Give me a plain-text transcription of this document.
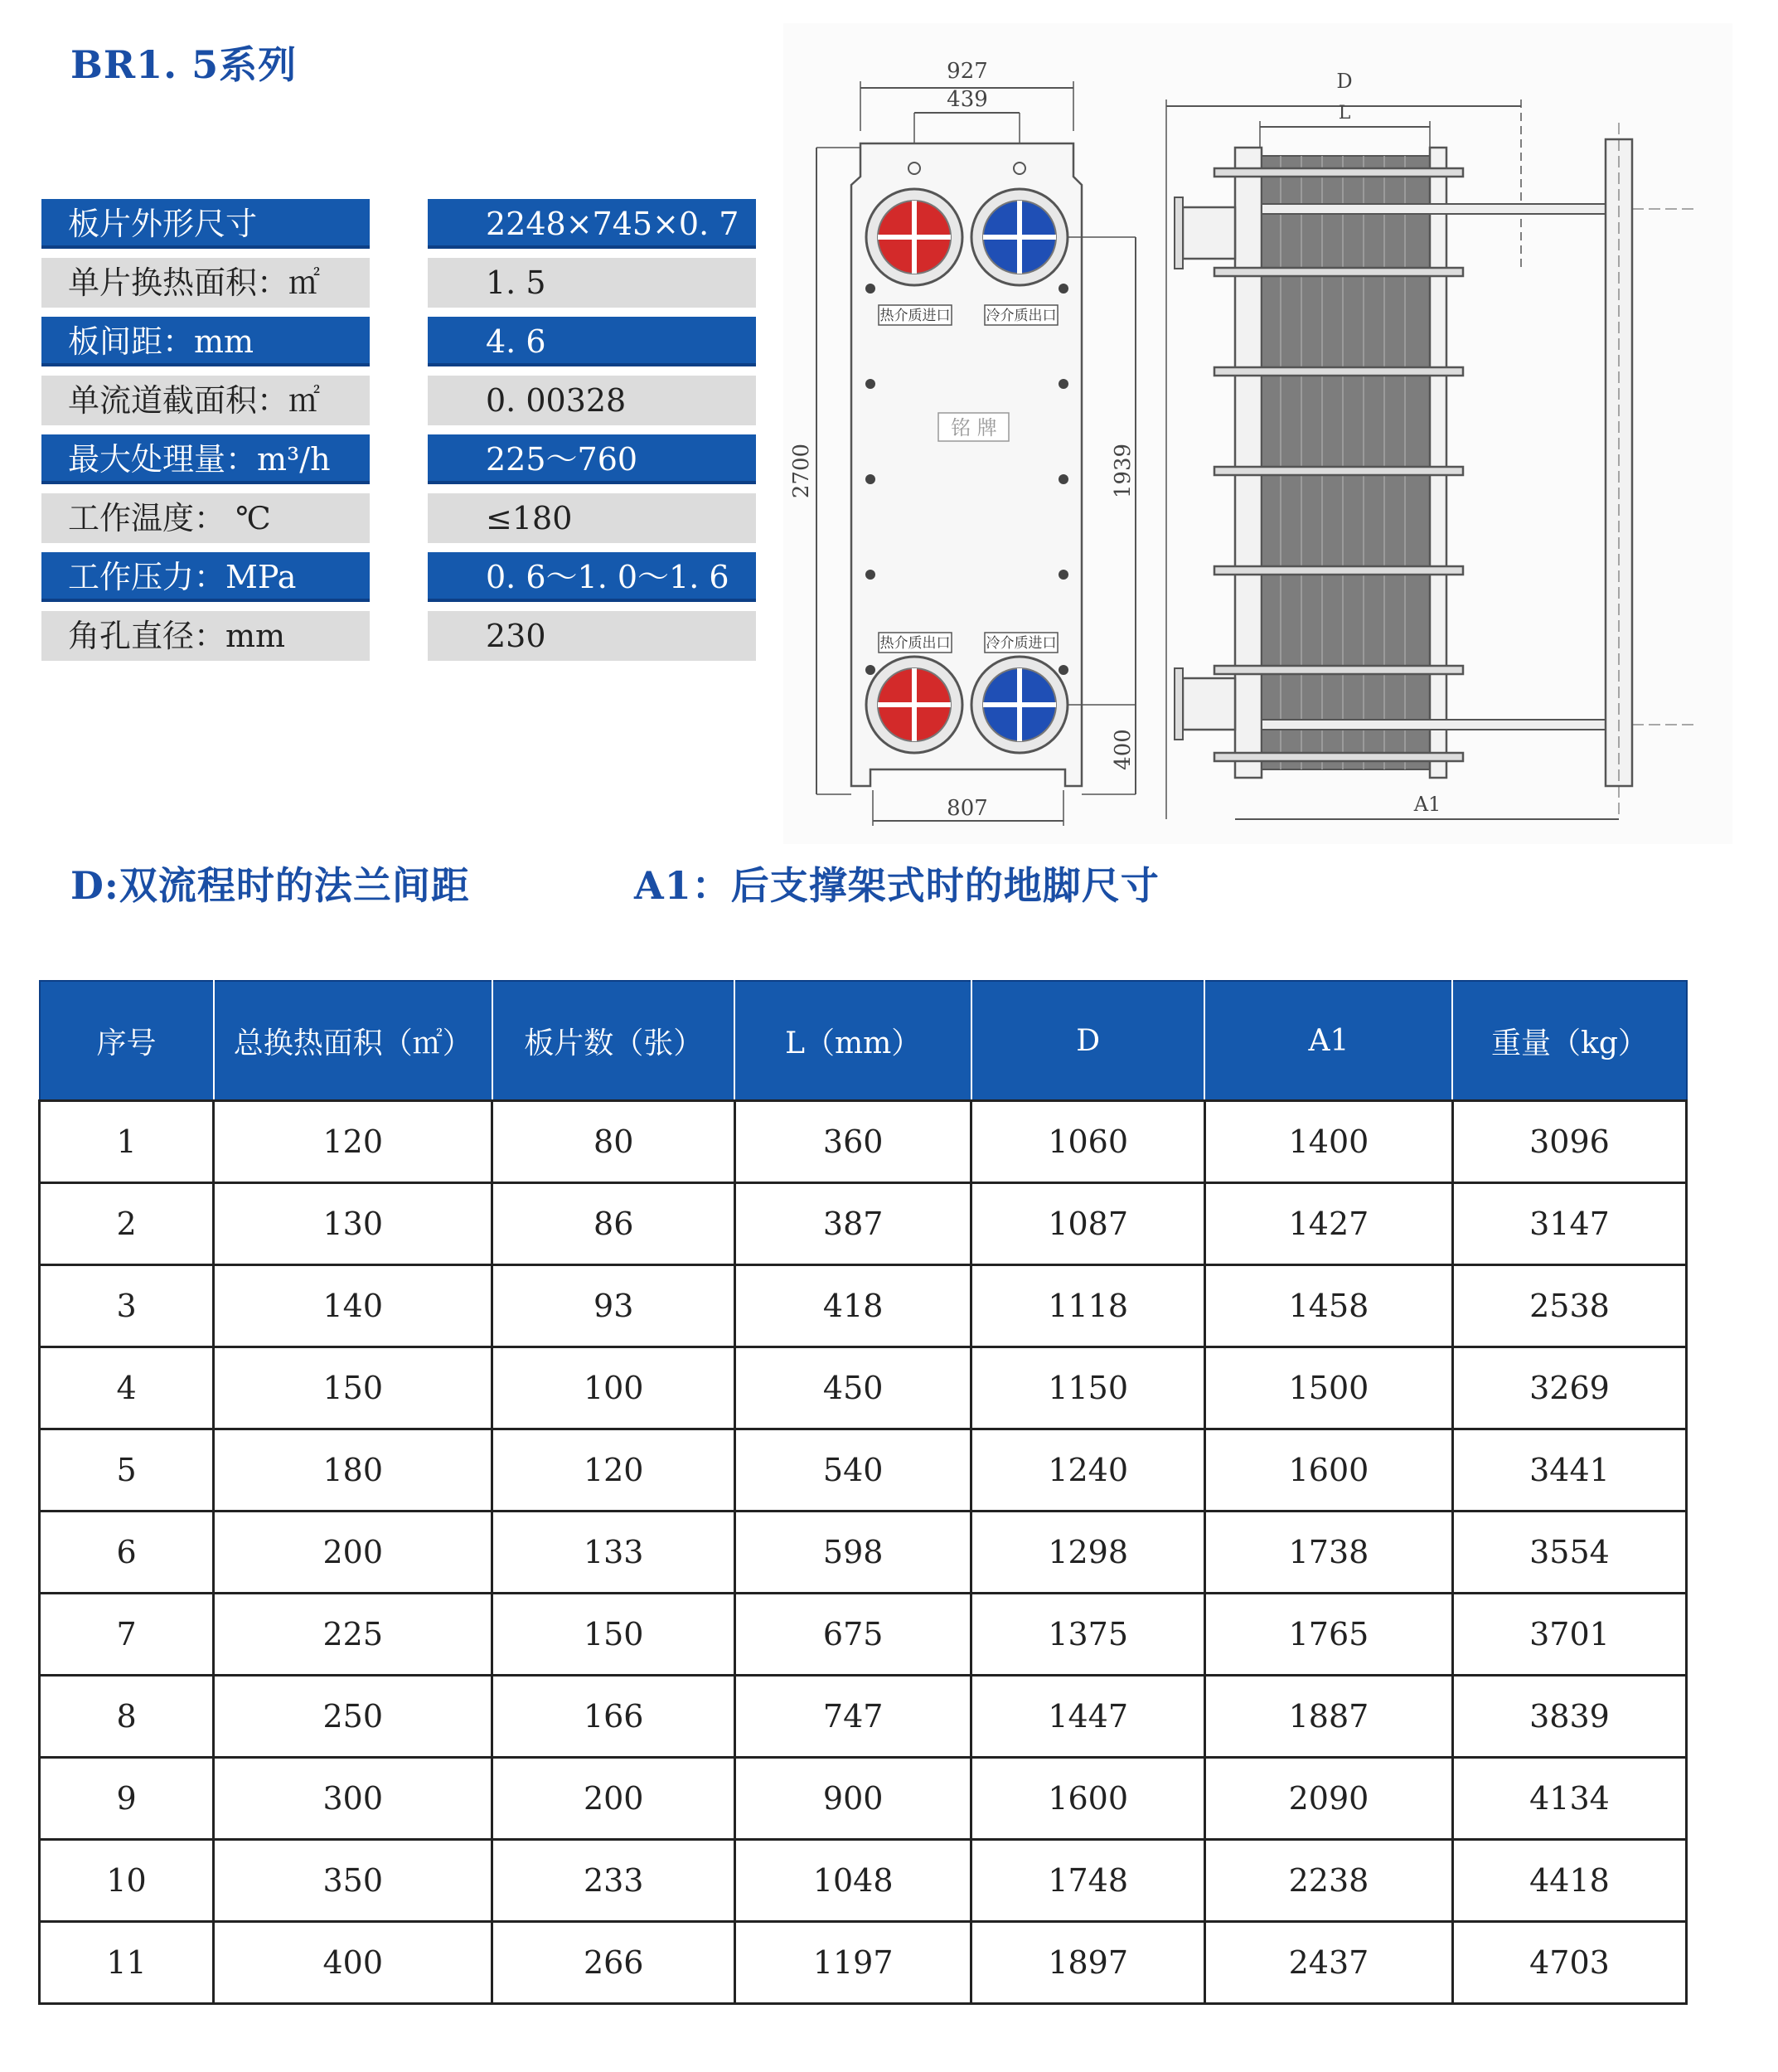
BR1. 5系列
板片外形尺寸	2248×745×0. 7
单片换热面积：㎡	1. 5
板间距：mm	4. 6
单流道截面积：㎡	0. 00328
最大处理量：m³/h	225～760
工作温度： ℃	≤180
工作压力：MPa	0. 6～1. 0～1. 6
角孔直径：mm	230
927
439
热介质进口	冷介质出口
铭 牌
热介质出口	冷介质进口
2700	1939
400
807
D
L
A1
D:双流程时的法兰间距	A1：后支撑架式时的地脚尺寸
序号	总换热面积（㎡）	板片数（张）	L（mm）	D	A1	重量（kg）
1	120	80	360	1060	1400	3096
2	130	86	387	1087	1427	3147
3	140	93	418	1118	1458	2538
4	150	100	450	1150	1500	3269
5	180	120	540	1240	1600	3441
6	200	133	598	1298	1738	3554
7	225	150	675	1375	1765	3701
8	250	166	747	1447	1887	3839
9	300	200	900	1600	2090	4134
10	350	233	1048	1748	2238	4418
11	400	266	1197	1897	2437	4703
